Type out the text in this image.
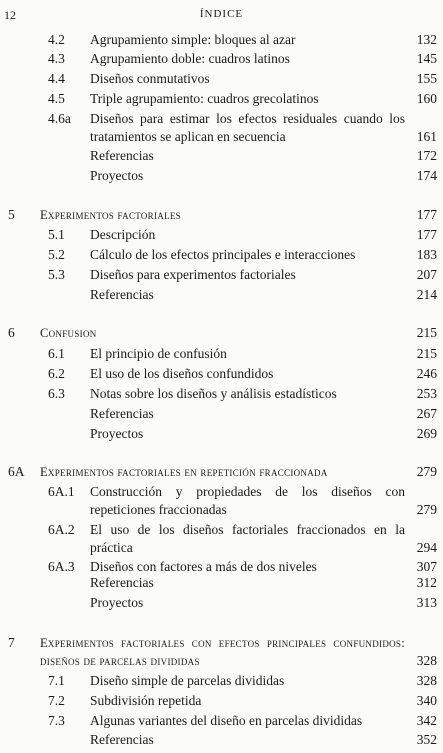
12	ÍNDICE
4.2 Agrupamiento simple: bloques al azar	132
4.3 Agrupamiento doble: cuadros latinos	145
4.4 Diseños conmutativos	155
4.5 Triple agrupamiento: cuadros grecolatinos	160
4.6a Diseños para estimar los efectos residuales cuando los tratamientos se aplican en secuencia	161
Referencias	172
Proyectos	174
5 Experimentos factoriales	177
5.1 Descripción	177
5.2 Cálculo de los efectos principales e interacciones	183
5.3 Diseños para experimentos factoriales	207
Referencias	214
6 Confusion	215
6.1 El principio de confusión	215
6.2 El uso de los diseños confundidos	246
6.3 Notas sobre los diseños y análisis estadísticos	253
Referencias	267
Proyectos	269
6A Experimentos factoriales en repetición fraccionada	279
6A.1 Construcción y propiedades de los diseños con repeticiones fraccionadas	279
6A.2 El uso de los diseños factoriales fraccionados en la práctica	294
6A.3 Diseños con factores a más de dos niveles	307
Referencias	312
Proyectos	313
7 Experimentos factoriales con efectos principales confundidos: diseños de parcelas divididas	328
7.1 Diseño simple de parcelas divididas	328
7.2 Subdivisión repetida	340
7.3 Algunas variantes del diseño en parcelas divididas	342
Referencias	352
